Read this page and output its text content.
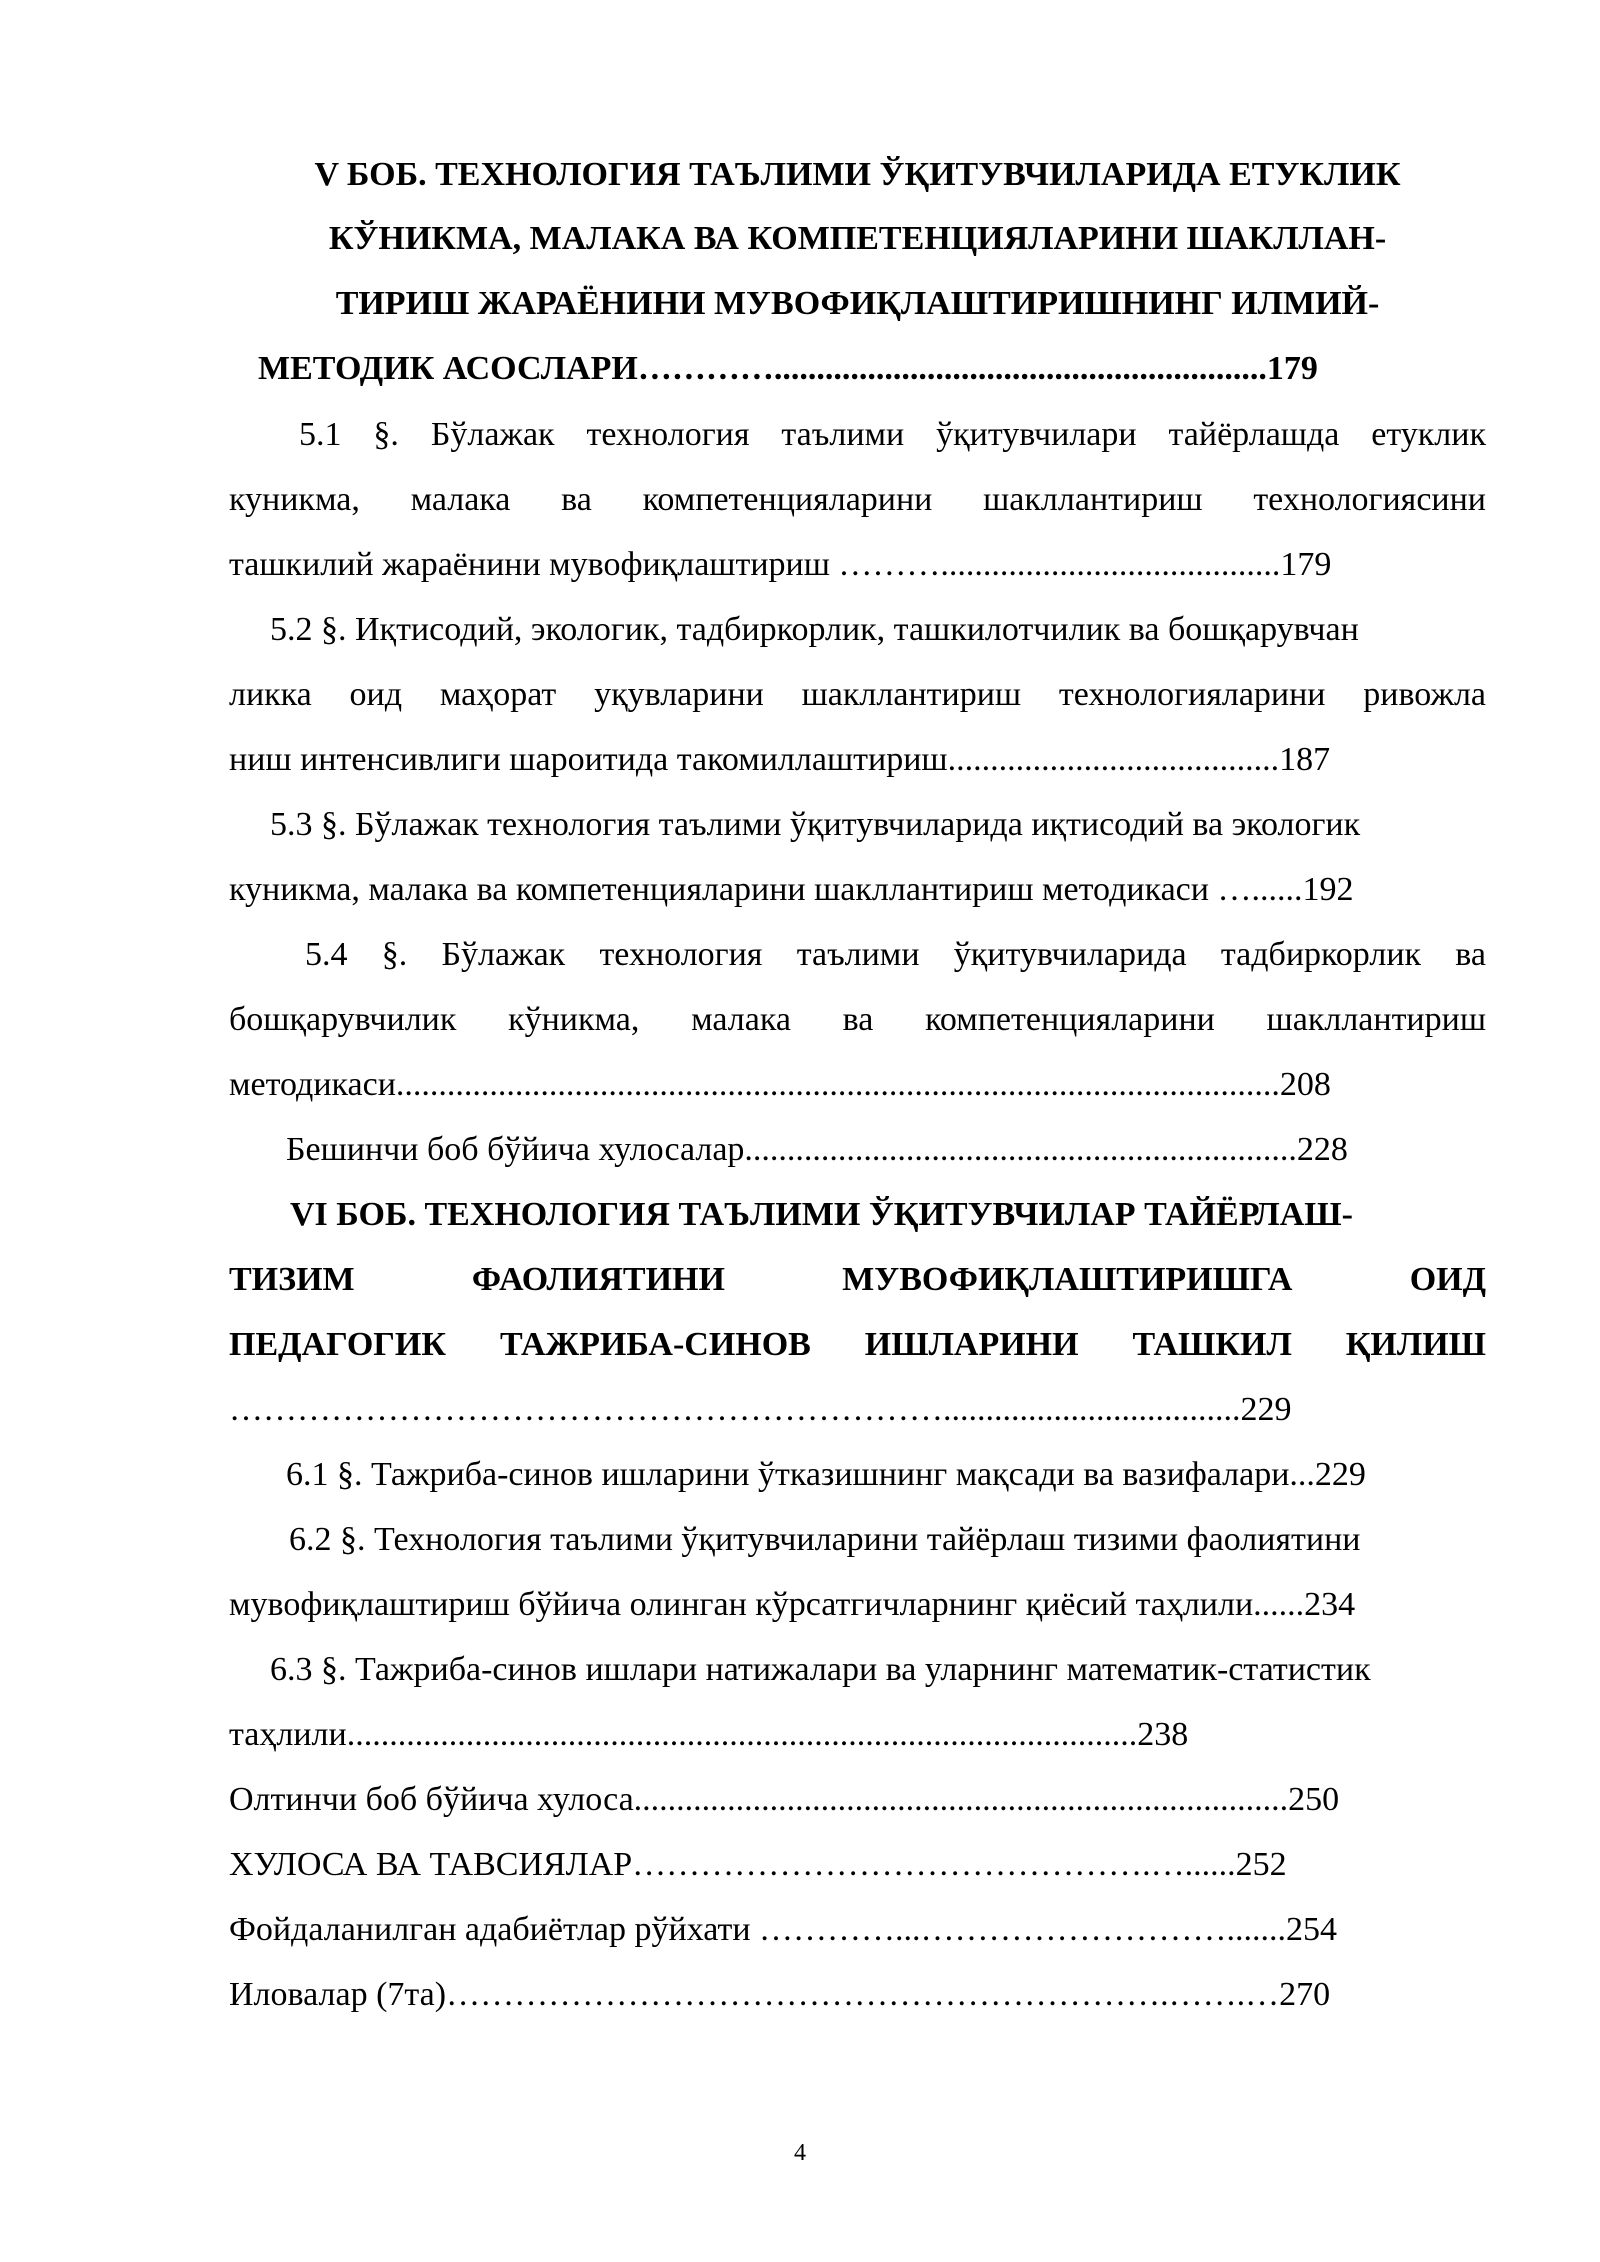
V БОБ. ТЕХНОЛОГИЯ ТАЪЛИМИ ЎҚИТУВЧИЛАРИДА ЕТУКЛИК
КЎНИКМА, МАЛАКА ВА КОМПЕТЕНЦИЯЛАРИНИ ШАКЛЛАН-
ТИРИШ ЖАРАЁНИНИ МУВОФИҚЛАШТИРИШНИНГ ИЛМИЙ-
МЕТОДИК АСОСЛАРИ…………..........................................................179
5.1 §. Бўлажак технология таълими ўқитувчилари тайёрлашда етуклик
куникма, малака ва компетенцияларини шакллантириш технологиясини
ташкилий жараёнини мувофиқлаштириш ………........................................179
5.2 §. Иқтисодий, экологик, тадбиркорлик, ташкилотчилик ва бошқарувчан
ликка оид маҳорат уқувларини шакллантириш технологияларини ривожла
ниш интенсивлиги шароитида такомиллаштириш.......................................187
5.3 §. Бўлажак технология таълими ўқитувчиларида иқтисодий ва экологик
куникма, малака ва компетенцияларини шакллантириш методикаси …......192
5.4 §. Бўлажак технология таълими ўқитувчиларида тадбиркорлик ва
бошқарувчилик кўникма, малака ва компетенцияларини шакллантириш
методикаси........................................................................................................208
Бешинчи боб бўйича хулосалар.................................................................228
VI БОБ. ТЕХНОЛОГИЯ ТАЪЛИМИ ЎҚИТУВЧИЛАР ТАЙЁРЛАШ-
ТИЗИМ ФАОЛИЯТИНИ МУВОФИҚЛАШТИРИШГА ОИД
ПЕДАГОГИК ТАЖРИБА-СИНОВ ИШЛАРИНИ ТАШКИЛ ҚИЛИШ
………………………………………………………...................................229
6.1 §. Тажриба-синов ишларини ўтказишнинг мақсади ва вазифалари...229
6.2 §. Технология таълими ўқитувчиларини тайёрлаш тизими фаолиятини
мувофиқлаштириш бўйича олинган кўрсатгичларнинг қиёсий таҳлили......234
6.3 §. Тажриба-синов ишлари натижалари ва уларнинг математик-статистик
таҳлили.............................................................................................238
Олтинчи боб бўйича хулоса.............................................................................250
ХУЛОСА ВА ТАВСИЯЛАР……………………………………….…......252
Фойдаланилган адабиётлар рўйхати …………...……………………….......254
Иловалар (7та)……………………………………………………….…….…270
4
